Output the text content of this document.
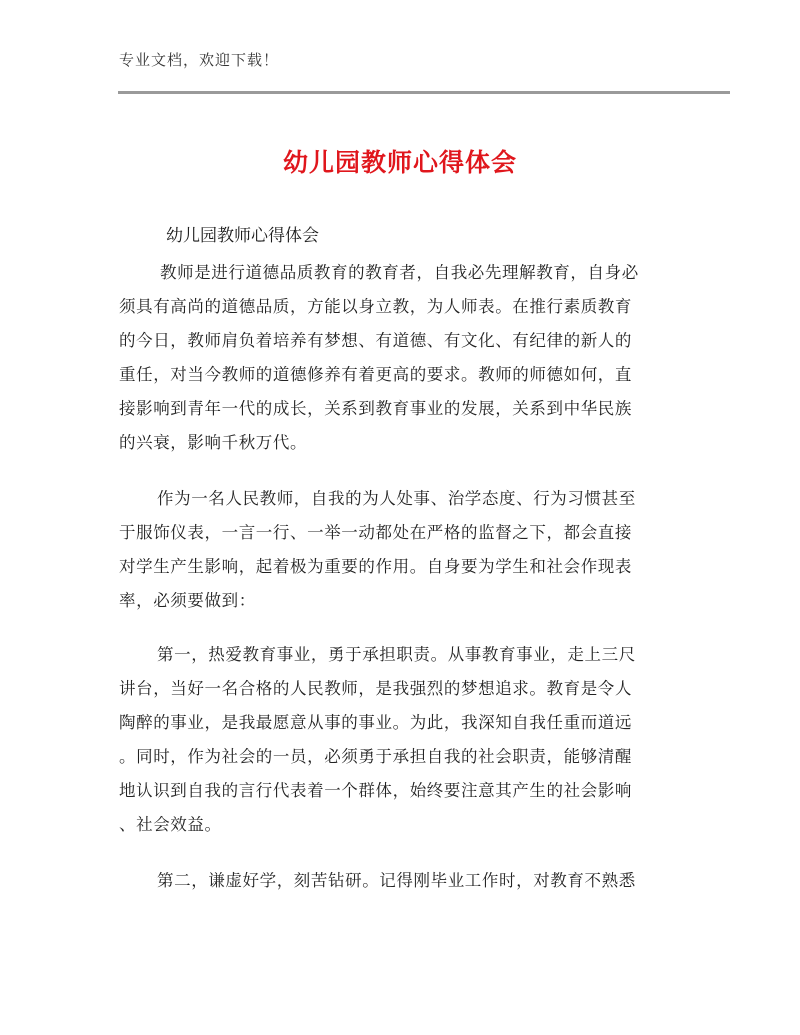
专业文档，欢迎下载！
幼儿园教师心得体会
幼儿园教师心得体会
教师是进行道德品质教育的教育者，自我必先理解教育，自身必
须具有高尚的道德品质，方能以身立教，为人师表。在推行素质教育
的今日，教师肩负着培养有梦想、有道德、有文化、有纪律的新人的
重任，对当今教师的道德修养有着更高的要求。教师的师德如何，直
接影响到青年一代的成长，关系到教育事业的发展，关系到中华民族
的兴衰，影响千秋万代。
作为一名人民教师，自我的为人处事、治学态度、行为习惯甚至
于服饰仪表，一言一行、一举一动都处在严格的监督之下，都会直接
对学生产生影响，起着极为重要的作用。自身要为学生和社会作现表
率，必须要做到：
第一，热爱教育事业，勇于承担职责。从事教育事业，走上三尺
讲台，当好一名合格的人民教师，是我强烈的梦想追求。教育是令人
陶醉的事业，是我最愿意从事的事业。为此，我深知自我任重而道远
。同时，作为社会的一员，必须勇于承担自我的社会职责，能够清醒
地认识到自我的言行代表着一个群体，始终要注意其产生的社会影响
、社会效益。
第二，谦虚好学，刻苦钻研。记得刚毕业工作时，对教育不熟悉
